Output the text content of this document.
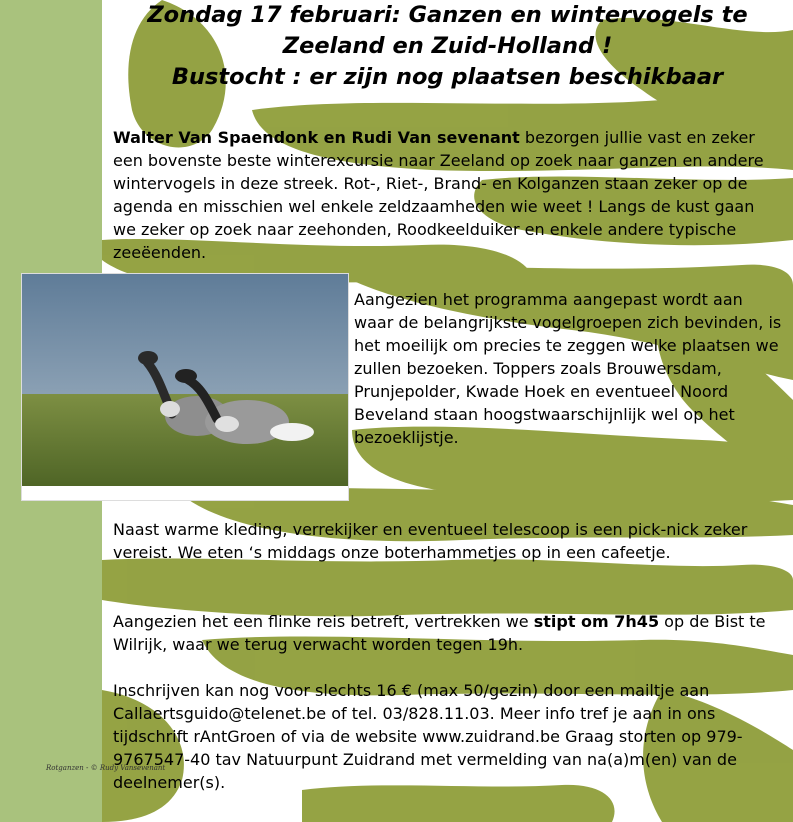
Zondag 17 februari: Ganzen en wintervogels te
Zeeland en Zuid-Holland !
Bustocht : er zijn nog plaatsen beschikbaar

Walter Van Spaendonk en Rudi Van sevenant bezorgen jullie vast en zeker een bovenste beste winterexcursie naar Zeeland op zoek naar ganzen en andere wintervogels in deze streek. Rot-, Riet-, Brand- en Kolganzen staan zeker op de agenda en misschien wel enkele zeldzaamheden wie weet ! Langs de kust gaan we zeker op zoek naar zeehonden, Roodkeelduiker en enkele andere typische zeeëenden.

Rotganzen - © Rudy Vansevenant

Aangezien het programma aangepast wordt aan waar de belangrijkste vogelgroepen zich bevinden, is het moeilijk om precies te zeggen welke plaatsen we zullen bezoeken. Toppers zoals Brouwersdam, Prunjepolder, Kwade Hoek en eventueel Noord Beveland staan hoogstwaarschijnlijk wel op het bezoeklijstje.

Naast warme kleding, verrekijker en eventueel telescoop is een pick-nick zeker vereist. We eten ‘s middags onze boterhammetjes op in een cafeetje.

Aangezien het een flinke reis betreft, vertrekken we stipt om 7h45 op de Bist te Wilrijk, waar we terug verwacht worden tegen 19h.

Inschrijven kan nog voor slechts 16 € (max 50/gezin) door een mailtje aan Callaertsguido@telenet.be of tel. 03/828.11.03. Meer info tref je aan in ons tijdschrift rAntGroen of via de website www.zuidrand.be Graag storten op 979-9767547-40 tav Natuurpunt Zuidrand met vermelding van na(a)m(en) van de deelnemer(s).
